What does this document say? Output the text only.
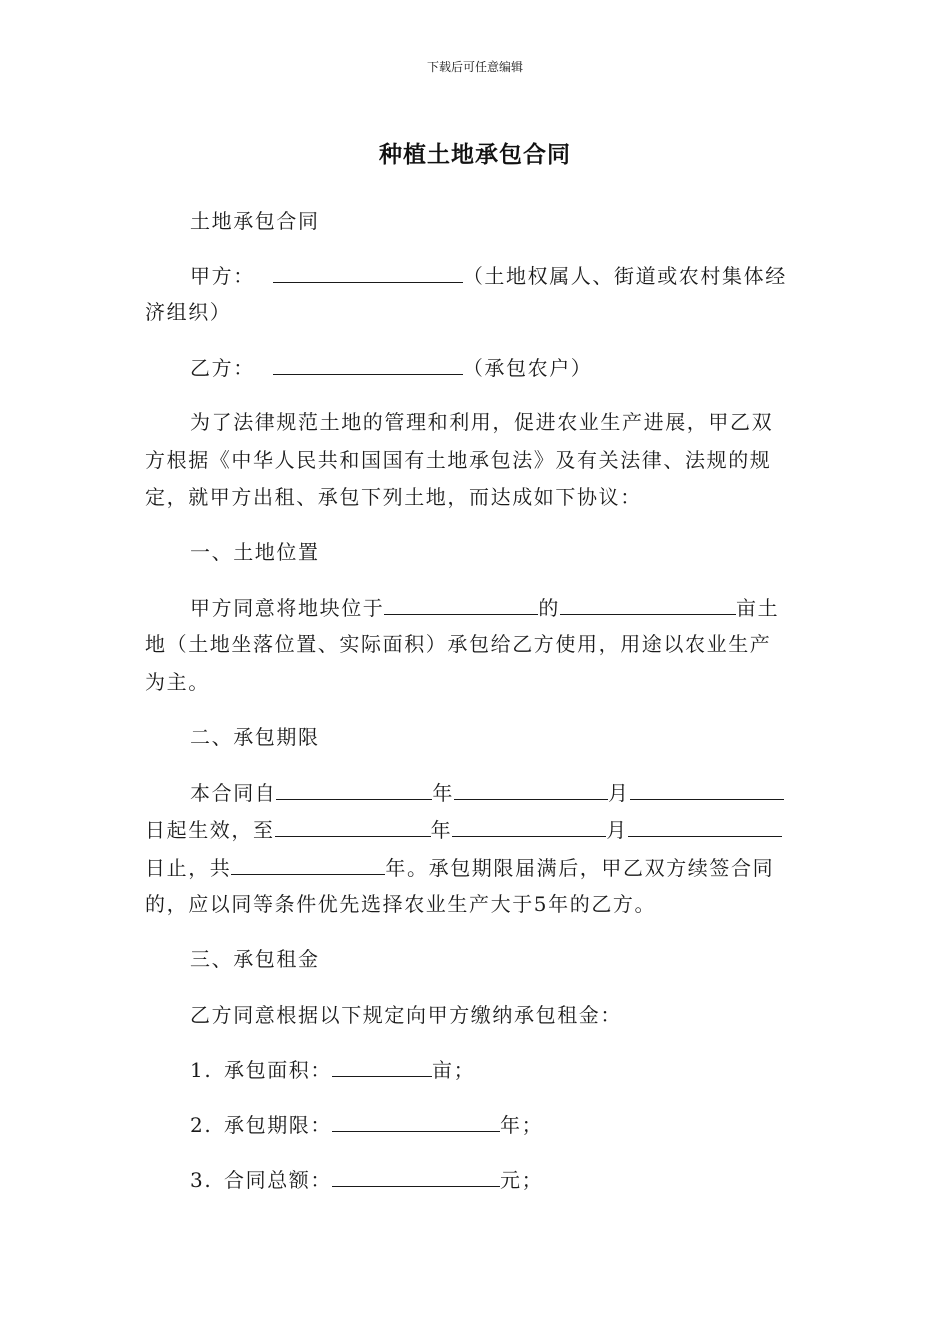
下载后可任意编辑
种植土地承包合同
土地承包合同
甲方：	（土地权属人、街道或农村集体经
济组织）
乙方：	（承包农户）
为了法律规范土地的管理和利用，促进农业生产进展，甲乙双
方根据《中华人民共和国国有土地承包法》及有关法律、法规的规
定，就甲方出租、承包下列土地，而达成如下协议：
一、土地位置
甲方同意将地块位于	的	亩土
地（土地坐落位置、实际面积）承包给乙方使用，用途以农业生产
为主。
二、承包期限
本合同自	年	月
日起生效，至	年	月
日止，共	年。承包期限届满后，甲乙双方续签合同
的，应以同等条件优先选择农业生产大于5年的乙方。
三、承包租金
乙方同意根据以下规定向甲方缴纳承包租金：
1. 承包面积：	亩；
2. 承包期限：	年；
3. 合同总额：	元；
